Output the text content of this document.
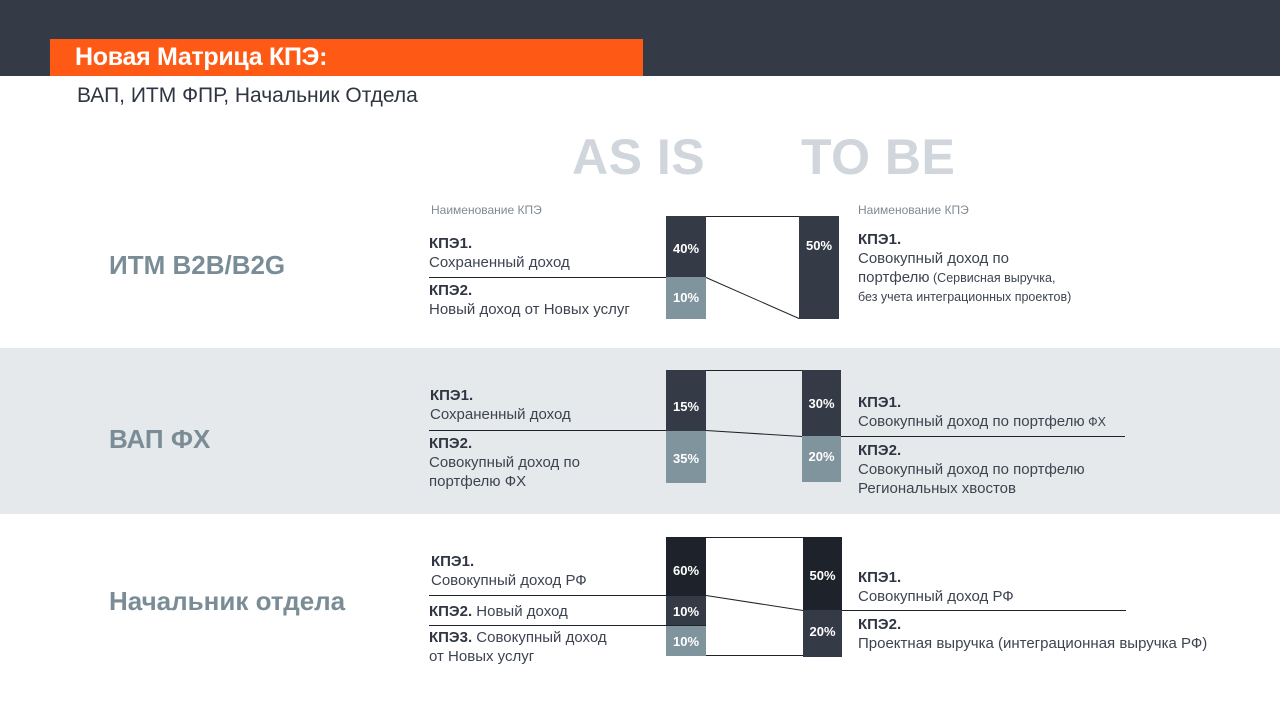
Новая Матрица КПЭ:
ВАП, ИТМ ФПР, Начальник Отдела
AS IS TO BE
ИТМ B2B/B2G
Наименование КПЭ	Наименование КПЭ
КПЭ1.
Сохраненный доход
КПЭ2.
Новый доход от Новых услуг
40%
10%
50%	КПЭ1.
Совокупный доход по
портфелю (Сервисная выручка,
без учета интеграционных проектов)
ВАП ФХ
КПЭ1.
Сохраненный доход
КПЭ2.
Совокупный доход по
портфелю ФХ
15%
35%
30%
20%
КПЭ1.
Совокупный доход по портфелю ФХ
КПЭ2.
Совокупный доход по портфелю
Региональных хвостов
Начальник отдела
КПЭ1.
Совокупный доход РФ
КПЭ2. Новый доход
КПЭ3. Совокупный доход
от Новых услуг
60%
10%
10%
50%
20%
КПЭ1.
Совокупный доход РФ
КПЭ2.
Проектная выручка (интеграционная выручка РФ)
